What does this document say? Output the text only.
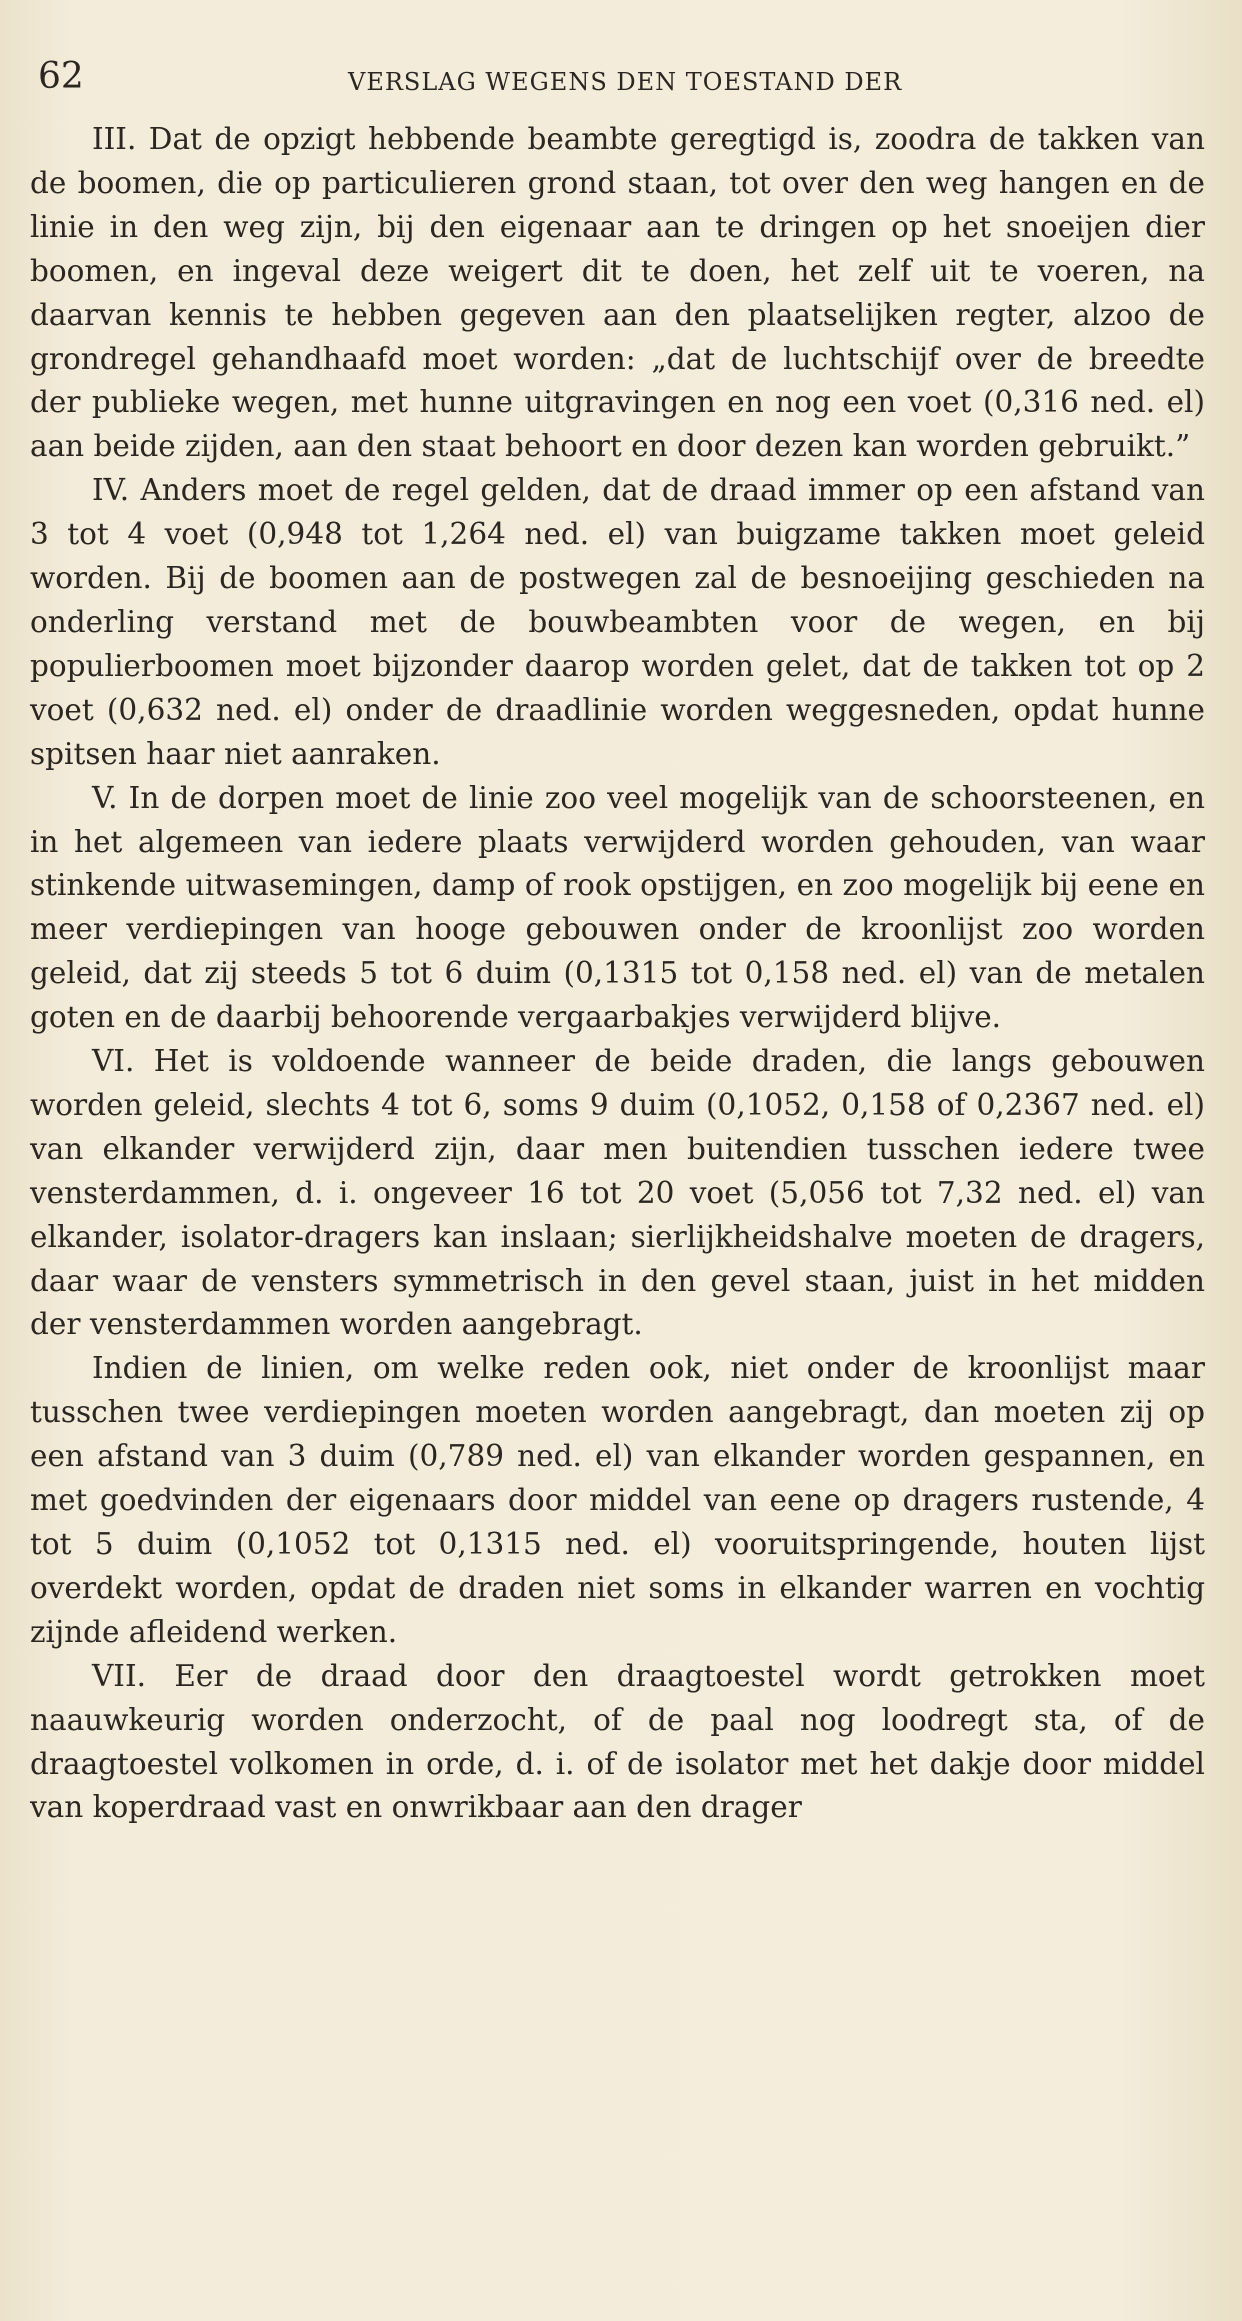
62	VERSLAG WEGENS DEN TOESTAND DER

III. Dat de opzigt hebbende beambte geregtigd is, zoodra de takken van de boomen, die op particulieren grond staan, tot over den weg hangen en de linie in den weg zijn, bij den eigenaar aan te dringen op het snoeijen dier boomen, en ingeval deze weigert dit te doen, het zelf uit te voeren, na daarvan kennis te hebben gegeven aan den plaatselijken regter, alzoo de grondregel gehandhaafd moet worden: „dat de luchtschijf over de breedte der publieke wegen, met hunne uitgravingen en nog een voet (0,316 ned. el) aan beide zijden, aan den staat behoort en door dezen kan worden gebruikt.”

IV. Anders moet de regel gelden, dat de draad immer op een afstand van 3 tot 4 voet (0,948 tot 1,264 ned. el) van buigzame takken moet geleid worden. Bij de boomen aan de postwegen zal de besnoeijing geschieden na onderling verstand met de bouwbeambten voor de wegen, en bij populierboomen moet bijzonder daarop worden gelet, dat de takken tot op 2 voet (0,632 ned. el) onder de draadlinie worden weggesneden, opdat hunne spitsen haar niet aanraken.

V. In de dorpen moet de linie zoo veel mogelijk van de schoorsteenen, en in het algemeen van iedere plaats verwijderd worden gehouden, van waar stinkende uitwasemingen, damp of rook opstijgen, en zoo mogelijk bij eene en meer verdiepingen van hooge gebouwen onder de kroonlijst zoo worden geleid, dat zij steeds 5 tot 6 duim (0,1315 tot 0,158 ned. el) van de metalen goten en de daarbij behoorende vergaarbakjes verwijderd blijve.

VI. Het is voldoende wanneer de beide draden, die langs gebouwen worden geleid, slechts 4 tot 6, soms 9 duim (0,1052, 0,158 of 0,2367 ned. el) van elkander verwijderd zijn, daar men buitendien tusschen iedere twee vensterdammen, d. i. ongeveer 16 tot 20 voet (5,056 tot 7,32 ned. el) van elkander, isolator-dragers kan inslaan; sierlijkheidshalve moeten de dragers, daar waar de vensters symmetrisch in den gevel staan, juist in het midden der vensterdammen worden aangebragt.

Indien de linien, om welke reden ook, niet onder de kroonlijst maar tusschen twee verdiepingen moeten worden aangebragt, dan moeten zij op een afstand van 3 duim (0,789 ned. el) van elkander worden gespannen, en met goedvinden der eigenaars door middel van eene op dragers rustende, 4 tot 5 duim (0,1052 tot 0,1315 ned. el) vooruitspringende, houten lijst overdekt worden, opdat de draden niet soms in elkander warren en vochtig zijnde afleidend werken.

VII. Eer de draad door den draagtoestel wordt getrokken moet naauwkeurig worden onderzocht, of de paal nog loodregt sta, of de draagtoestel volkomen in orde, d. i. of de isolator met het dakje door middel van koperdraad vast en onwrikbaar aan den drager
